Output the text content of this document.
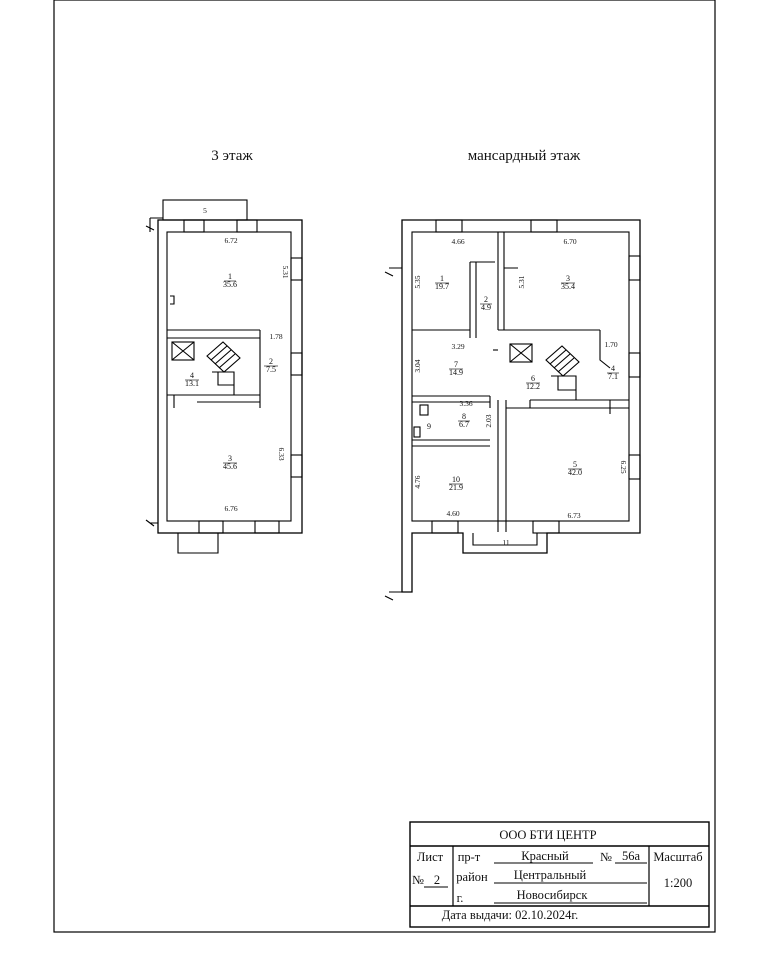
3 этаж	мансардный этаж
1
35.6
2
7.5
3
45.6
4
13.1
5
6.72
5.31
1.78
6.33
6.76
1
19.7
2
4.9
3
35.4
4
7.1
5
42.0
6
12.2
7
14.9
8
6.7
9
10
21.9
4.66	6.70
5.35	5.31
3.29	1.70
3.04
3.36
2.03
6.25
4.76
4.60	6.73
11
ООО БТИ ЦЕНТР
Лист
№ 2
пр-т	Красный	№ 56а
район Центральный
г.	Новосибирск
Масштаб
1:200
Дата выдачи: 02.10.2024г.
